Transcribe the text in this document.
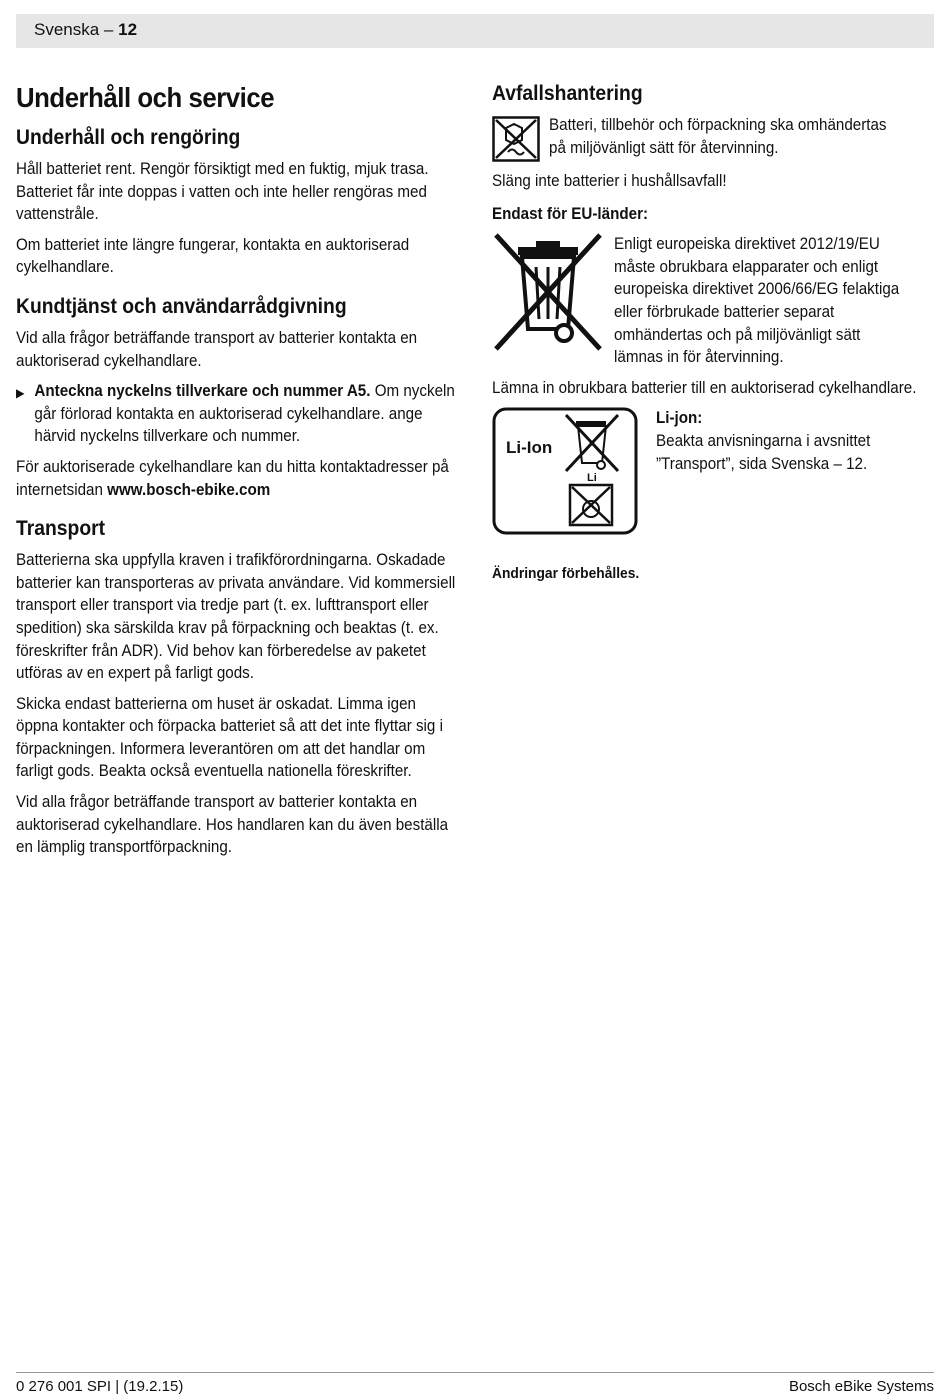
Svenska – 12
Underhåll och service
Underhåll och rengöring

Håll batteriet rent. Rengör försiktigt med en fuktig, mjuk trasa. Batteriet får inte doppas i vatten och inte heller rengöras med vattenstråle.

Om batteriet inte längre fungerar, kontakta en auktoriserad cykelhandlare.

Kundtjänst och användarrådgivning

Vid alla frågor beträffande transport av batterier kontakta en auktoriserad cykelhandlare.

▶ Anteckna nyckelns tillverkare och nummer A5. Om nyckeln går förlorad kontakta en auktoriserad cykelhandlare. ange härvid nyckelns tillverkare och nummer.

För auktoriserade cykelhandlare kan du hitta kontaktadresser på internetsidan www.bosch-ebike.com

Transport

Batterierna ska uppfylla kraven i trafikförordningarna. Oskadade batterier kan transporteras av privata användare. Vid kommersiell transport eller transport via tredje part (t. ex. lufttransport eller spedition) ska särskilda krav på förpackning och beaktas (t. ex. föreskrifter från ADR). Vid behov kan förberedelse av paketet utföras av en expert på farligt gods.

Skicka endast batterierna om huset är oskadat. Limma igen öppna kontakter och förpacka batteriet så att det inte flyttar sig i förpackningen. Informera leverantören om att det handlar om farligt gods. Beakta också eventuella nationella föreskrifter.

Vid alla frågor beträffande transport av batterier kontakta en auktoriserad cykelhandlare. Hos handlaren kan du även beställa en lämplig transportförpackning.

Avfallshantering

Batteri, tillbehör och förpackning ska omhändertas på miljövänligt sätt för återvinning.

Släng inte batterier i hushållsavfall!

Endast för EU-länder:

Enligt europeiska direktivet 2012/19/EU måste obrukbara elapparater och enligt europeiska direktivet 2006/66/EG felaktiga eller förbrukade batterier separat omhändertas och på miljövänligt sätt lämnas in för återvinning.

Lämna in obrukbara batterier till en auktoriserad cykelhandlare.

Li-Ion
Li

Li-jon:

Beakta anvisningarna i avsnittet ”Transport”, sida Svenska – 12.

Ändringar förbehålles.

0 276 001 SPI | (19.2.15)	Bosch eBike Systems
